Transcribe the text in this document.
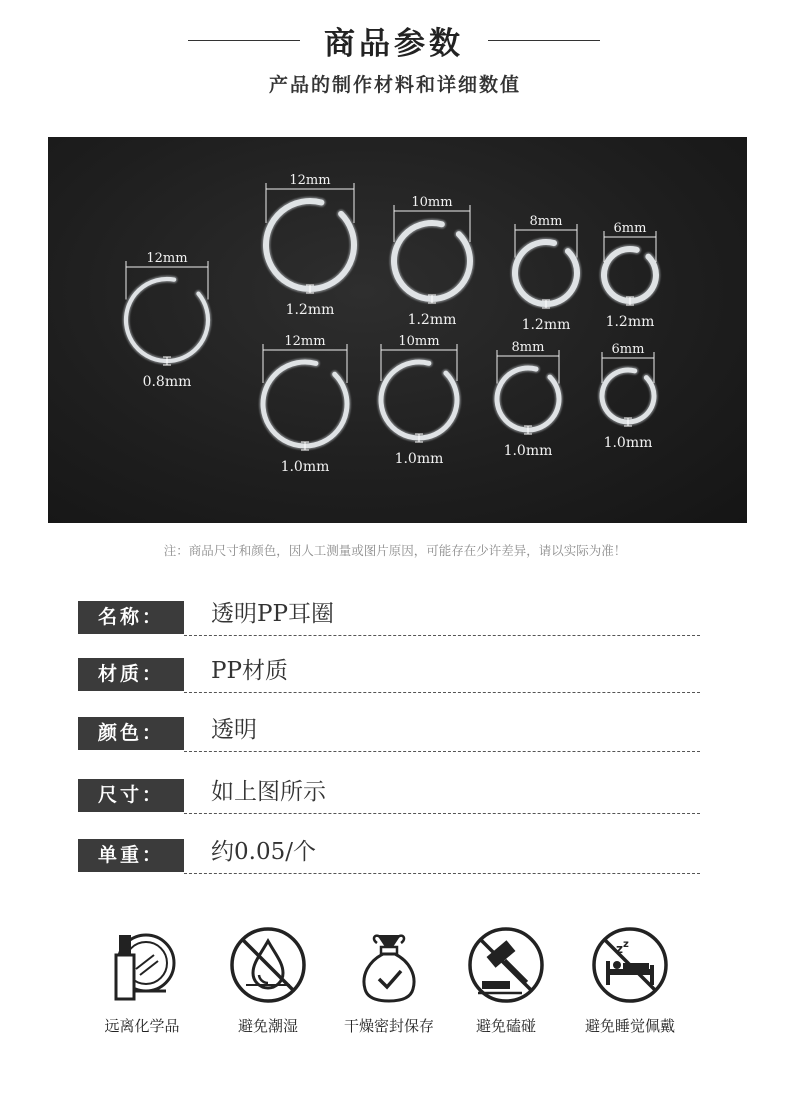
商品参数
产品的制作材料和详细数值
12mm
0.8mm
12mm
1.2mm
10mm
1.2mm
8mm
1.2mm
6mm
1.2mm
12mm
1.0mm
10mm
1.0mm
8mm
1.0mm
6mm
1.0mm
注：商品尺寸和颜色，因人工测量或图片原因，可能存在少许差异，请以实际为准！
名称：	透明PP耳圈
材质：	PP材质
颜色：	透明
尺寸：	如上图所示
单重：	约0.05/个
远离化学品	避免潮湿	干燥密封保存	避免磕碰
z z
避免睡觉佩戴
